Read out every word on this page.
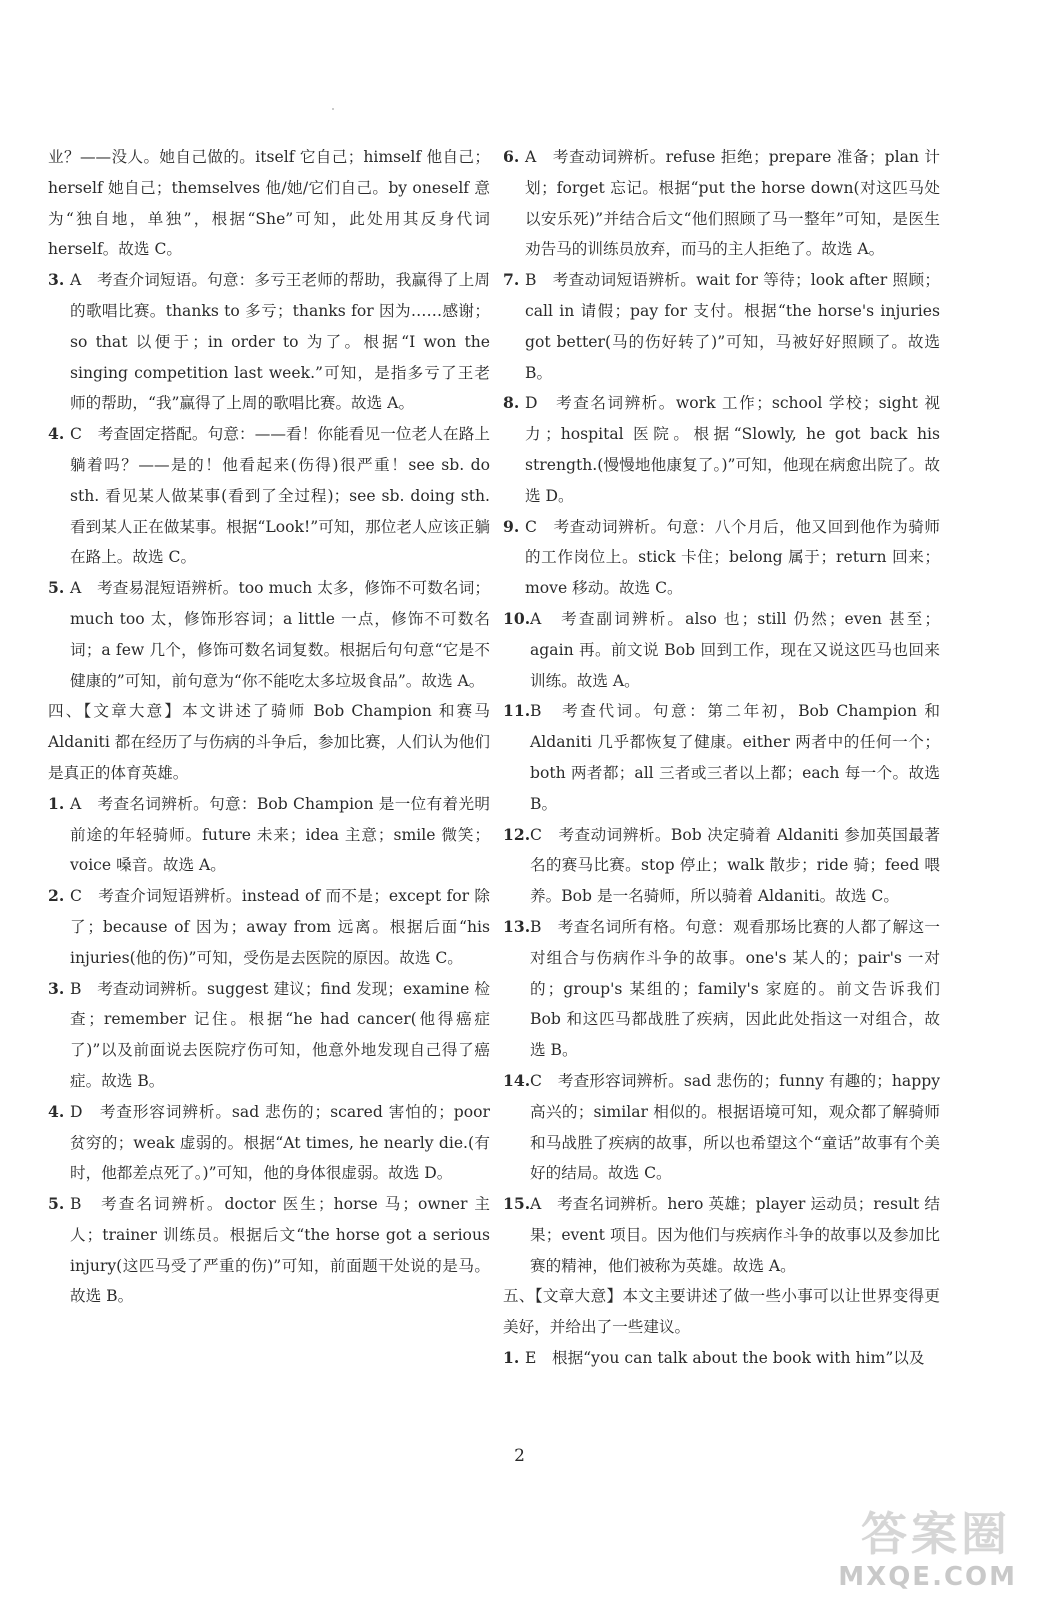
业？——没人。她自己做的。itself 它自己；himself 他自己；herself 她自己；themselves 他/她/它们自己。by oneself 意为“独自地，单独”，根据“She”可知，此处用其反身代词 herself。故选 C。
3. A　考查介词短语。句意：多亏王老师的帮助，我赢得了上周的歌唱比赛。thanks to 多亏；thanks for 因为……感谢；so that 以便于；in order to 为了。根据“I won the singing competition last week.”可知，是指多亏了王老师的帮助，“我”赢得了上周的歌唱比赛。故选 A。
4. C　考查固定搭配。句意：——看！你能看见一位老人在路上躺着吗？——是的！他看起来(伤得)很严重！see sb. do sth. 看见某人做某事(看到了全过程)；see sb. doing sth. 看到某人正在做某事。根据“Look!”可知，那位老人应该正躺在路上。故选 C。
5. A　考查易混短语辨析。too much 太多，修饰不可数名词；much too 太，修饰形容词；a little 一点，修饰不可数名词；a few 几个，修饰可数名词复数。根据后句句意“它是不健康的”可知，前句意为“你不能吃太多垃圾食品”。故选 A。
四、【文章大意】本文讲述了骑师 Bob Champion 和赛马 Aldaniti 都在经历了与伤病的斗争后，参加比赛，人们认为他们是真正的体育英雄。
1. A　考查名词辨析。句意：Bob Champion 是一位有着光明前途的年轻骑师。future 未来；idea 主意；smile 微笑；voice 嗓音。故选 A。
2. C　考查介词短语辨析。instead of 而不是；except for 除了；because of 因为；away from 远离。根据后面“his injuries(他的伤)”可知，受伤是去医院的原因。故选 C。
3. B　考查动词辨析。suggest 建议；find 发现；examine 检查；remember 记住。根据“he had cancer(他得癌症了)”以及前面说去医院疗伤可知，他意外地发现自己得了癌症。故选 B。
4. D　考查形容词辨析。sad 悲伤的；scared 害怕的；poor 贫穷的；weak 虚弱的。根据“At times, he nearly die.(有时，他都差点死了。)”可知，他的身体很虚弱。故选 D。
5. B　考查名词辨析。doctor 医生；horse 马；owner 主人；trainer 训练员。根据后文“the horse got a serious injury(这匹马受了严重的伤)”可知，前面题干处说的是马。故选 B。
6. A　考查动词辨析。refuse 拒绝；prepare 准备；plan 计划；forget 忘记。根据“put the horse down(对这匹马处以安乐死)”并结合后文“他们照顾了马一整年”可知，是医生劝告马的训练员放弃，而马的主人拒绝了。故选 A。
7. B　考查动词短语辨析。wait for 等待；look after 照顾；call in 请假；pay for 支付。根据“the horse's injuries got better(马的伤好转了)”可知，马被好好照顾了。故选 B。
8. D　考查名词辨析。work 工作；school 学校；sight 视力；hospital 医院。根据“Slowly, he got back his strength.(慢慢地他康复了。)”可知，他现在病愈出院了。故选 D。
9. C　考查动词辨析。句意：八个月后，他又回到他作为骑师的工作岗位上。stick 卡住；belong 属于；return 回来；move 移动。故选 C。
10. A　考查副词辨析。also 也；still 仍然；even 甚至；again 再。前文说 Bob 回到工作，现在又说这匹马也回来训练。故选 A。
11. B　考查代词。句意：第二年初，Bob Champion 和 Aldaniti 几乎都恢复了健康。either 两者中的任何一个；both 两者都；all 三者或三者以上都；each 每一个。故选 B。
12. C　考查动词辨析。Bob 决定骑着 Aldaniti 参加英国最著名的赛马比赛。stop 停止；walk 散步；ride 骑；feed 喂养。Bob 是一名骑师，所以骑着 Aldaniti。故选 C。
13. B　考查名词所有格。句意：观看那场比赛的人都了解这一对组合与伤病作斗争的故事。one's 某人的；pair's 一对的；group's 某组的；family's 家庭的。前文告诉我们 Bob 和这匹马都战胜了疾病，因此此处指这一对组合，故选 B。
14. C　考查形容词辨析。sad 悲伤的；funny 有趣的；happy 高兴的；similar 相似的。根据语境可知，观众都了解骑师和马战胜了疾病的故事，所以也希望这个“童话”故事有个美好的结局。故选 C。
15. A　考查名词辨析。hero 英雄；player 运动员；result 结果；event 项目。因为他们与疾病作斗争的故事以及参加比赛的精神，他们被称为英雄。故选 A。
五、【文章大意】本文主要讲述了做一些小事可以让世界变得更美好，并给出了一些建议。
1. E　根据“you can talk about the book with him”以及
2
答案圈
MXQE.COM
